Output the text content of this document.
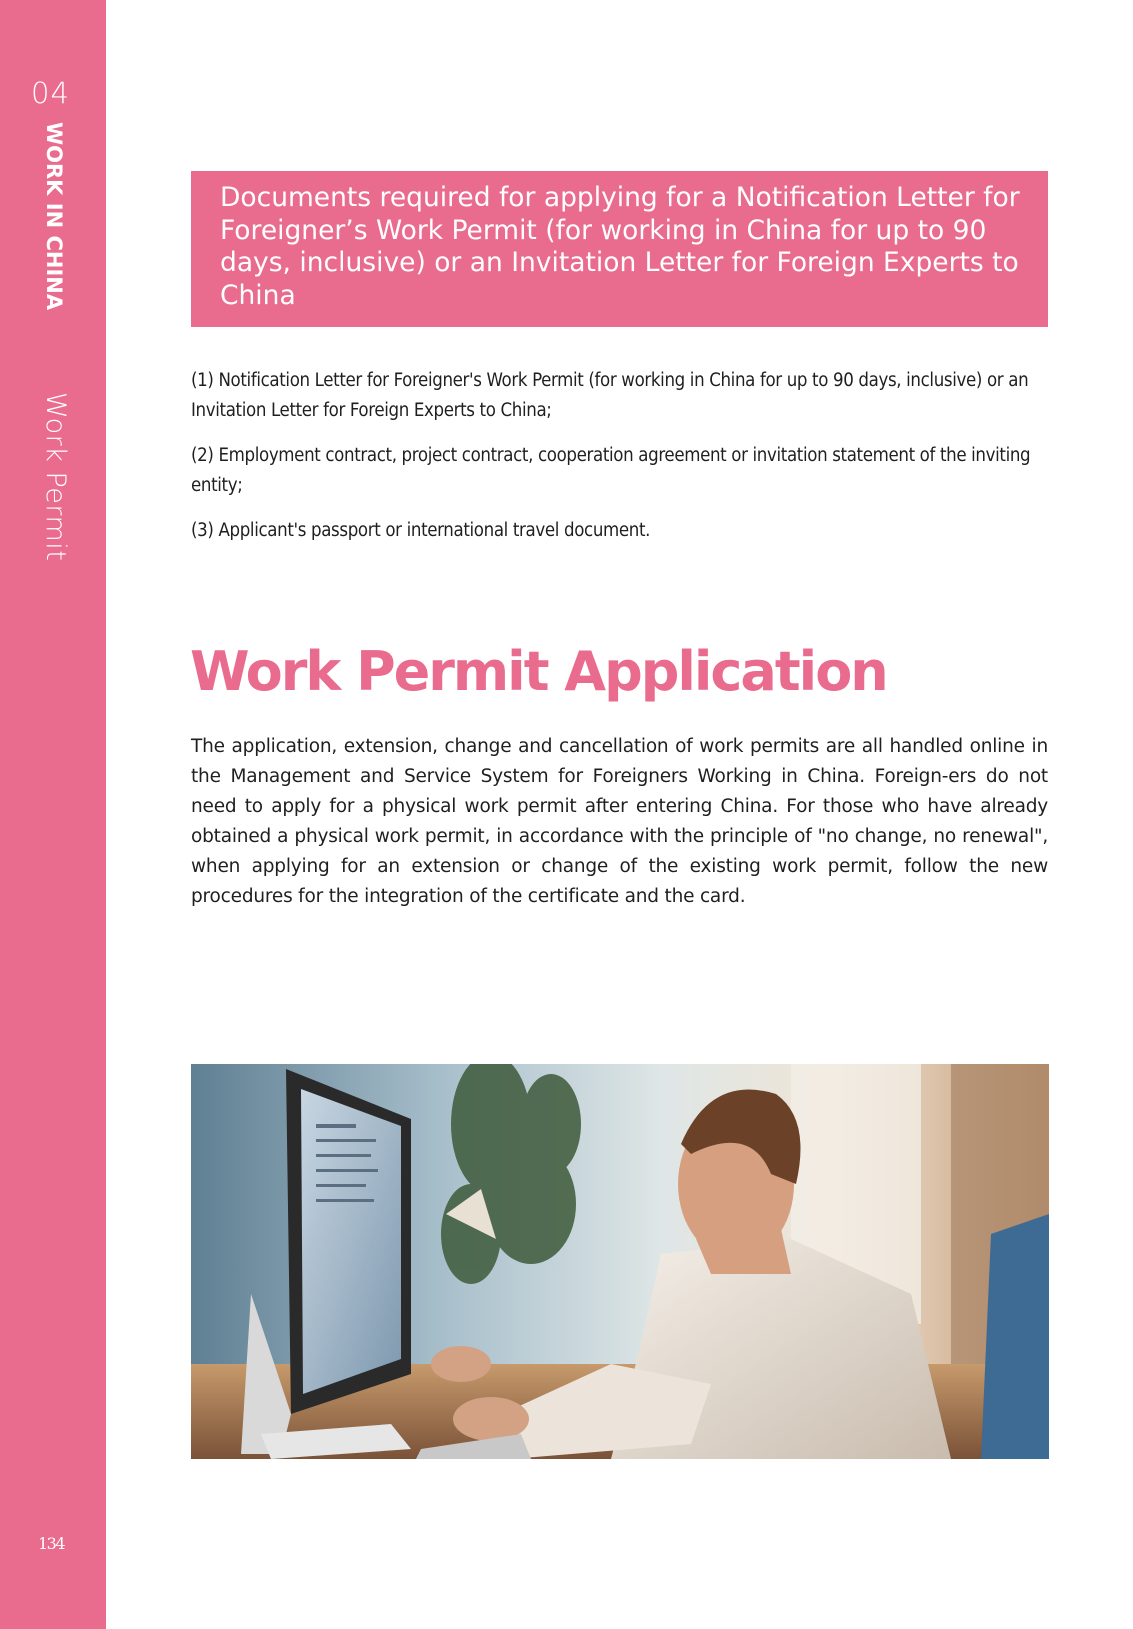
04
WORK IN CHINA
Work Permit
134
Documents required for applying for a Notification Letter for Foreigner’s Work Permit (for working in China for up to 90 days, inclusive) or an Invitation Letter for Foreign Experts to China
(1) Notification Letter for Foreigner's Work Permit (for working in China for up to 90 days, inclusive) or an Invitation Letter for Foreign Experts to China;
(2) Employment contract, project contract, cooperation agreement or invitation statement of the inviting entity;
(3) Applicant's passport or international travel document.
Work Permit Application

The application, extension, change and cancellation of work permits are all handled online in the Management and Service System for Foreigners Working in China. Foreign-ers do not need to apply for a physical work permit after entering China. For those who have already obtained a physical work permit, in accordance with the principle of "no change, no renewal", when applying for an extension or change of the existing work permit, follow the new procedures for the integration of the certificate and the card.
